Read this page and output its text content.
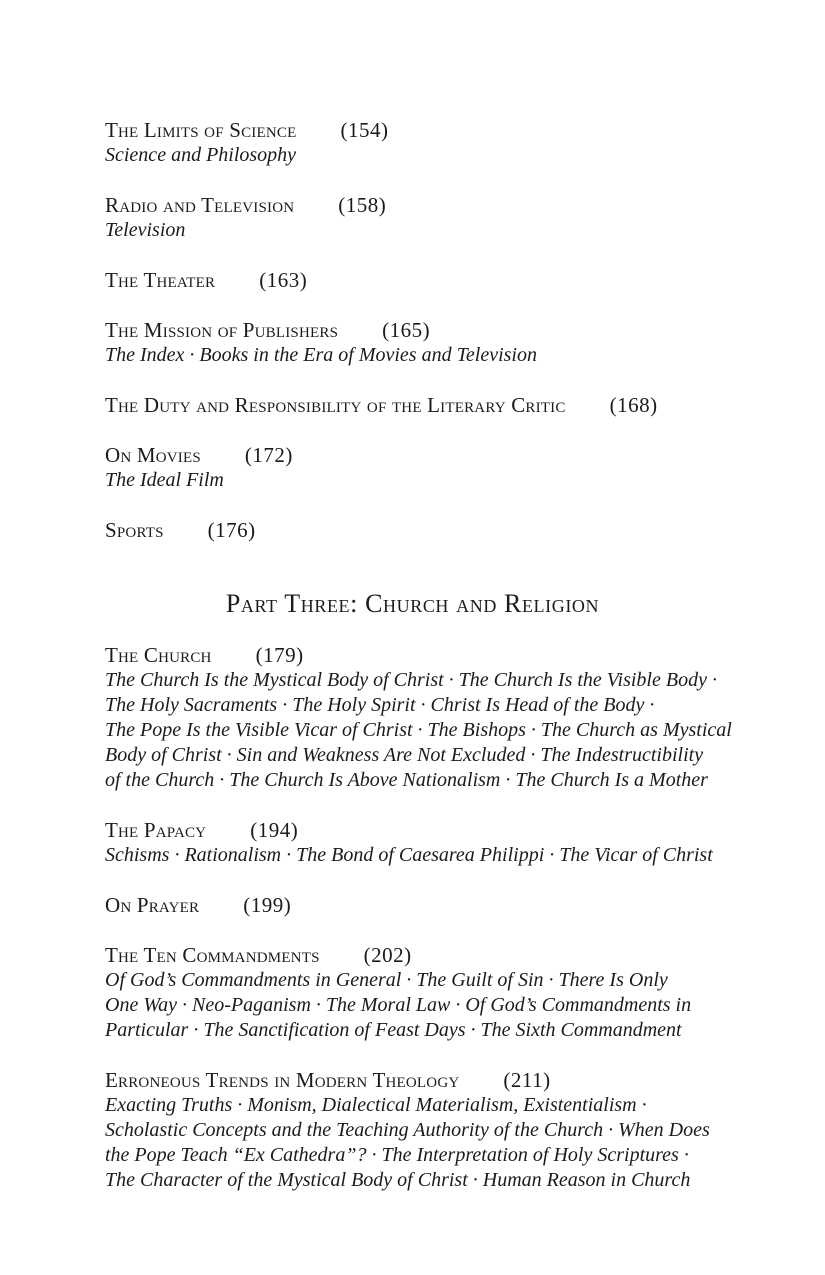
The Limits of Science (154)
Science and Philosophy
Radio and Television (158)
Television
The Theater (163)
The Mission of Publishers (165)
The Index · Books in the Era of Movies and Television
The Duty and Responsibility of the Literary Critic (168)
On Movies (172)
The Ideal Film
Sports (176)
The Church (179)
The Church Is the Mystical Body of Christ · The Church Is the Visible Body ·
The Holy Sacraments · The Holy Spirit · Christ Is Head of the Body ·
The Pope Is the Visible Vicar of Christ · The Bishops · The Church as Mystical
Body of Christ · Sin and Weakness Are Not Excluded · The Indestructibility
of the Church · The Church Is Above Nationalism · The Church Is a Mother
The Papacy (194)
Schisms · Rationalism · The Bond of Caesarea Philippi · The Vicar of Christ
On Prayer (199)
The Ten Commandments (202)
Of God’s Commandments in General · The Guilt of Sin · There Is Only
One Way · Neo-Paganism · The Moral Law · Of God’s Commandments in
Particular · The Sanctification of Feast Days · The Sixth Commandment
Erroneous Trends in Modern Theology (211)
Exacting Truths · Monism, Dialectical Materialism, Existentialism ·
Scholastic Concepts and the Teaching Authority of the Church · When Does
the Pope Teach “Ex Cathedra”? · The Interpretation of Holy Scriptures ·
The Character of the Mystical Body of Christ · Human Reason in Church
Part Three: Church and Religion
